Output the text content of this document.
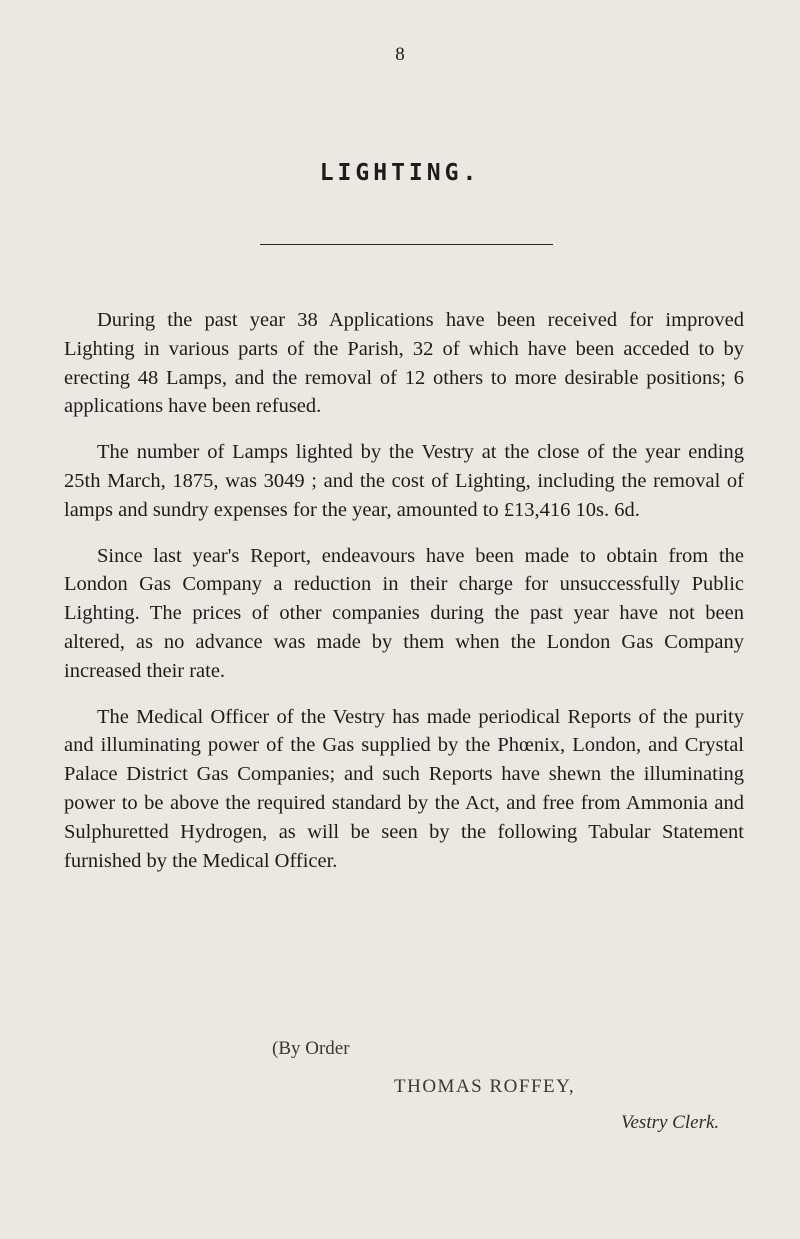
8
LIGHTING.

During the past year 38 Applications have been received for improved Lighting in various parts of the Parish, 32 of which have been acceded to by erecting 48 Lamps, and the removal of 12 others to more desirable positions; 6 applications have been refused.

The number of Lamps lighted by the Vestry at the close of the year ending 25th March, 1875, was 3049 ; and the cost of Lighting, including the removal of lamps and sundry expenses for the year, amounted to £13,416 10s. 6d.

Since last year's Report, endeavours have been made to obtain from the London Gas Company a reduction in their charge for unsuccessfully Public Lighting. The prices of other companies during the past year have not been altered, as no advance was made by them when the London Gas Company increased their rate.

The Medical Officer of the Vestry has made periodical Reports of the purity and illuminating power of the Gas supplied by the Phœnix, London, and Crystal Palace District Gas Companies; and such Reports have shewn the illuminating power to be above the required standard by the Act, and free from Ammonia and Sulphuretted Hydrogen, as will be seen by the following Tabular Statement furnished by the Medical Officer.

(By Order
THOMAS ROFFEY,
Vestry Clerk.
